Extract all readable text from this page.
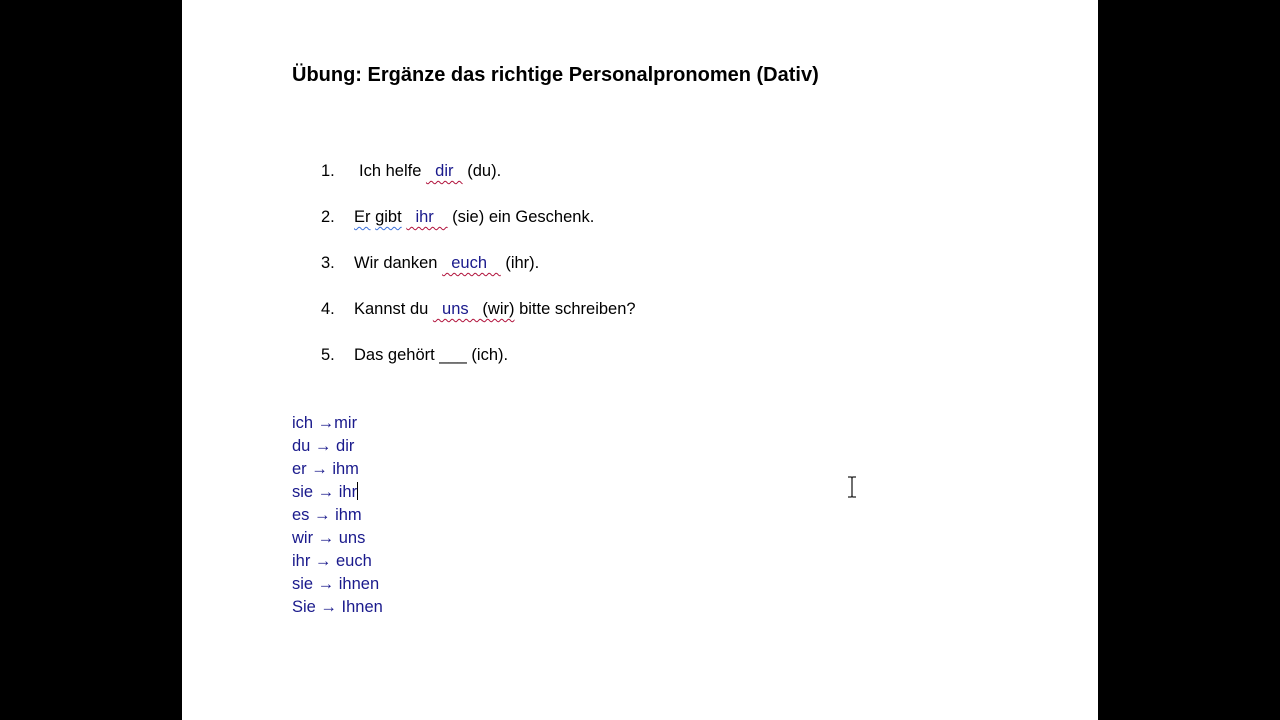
Übung: Ergänze das richtige Personalpronomen (Dativ)
1. Ich helfe   dir   (du).
2. Er gibt   ihr    (sie) ein Geschenk.
3. Wir danken   euch    (ihr).
4. Kannst du   uns   (wir) bitte schreiben?
5. Das gehört ___ (ich).
ich →mir
du → dir
er → ihm
sie → ihr
es → ihm
wir → uns
ihr → euch
sie → ihnen
Sie → Ihnen
